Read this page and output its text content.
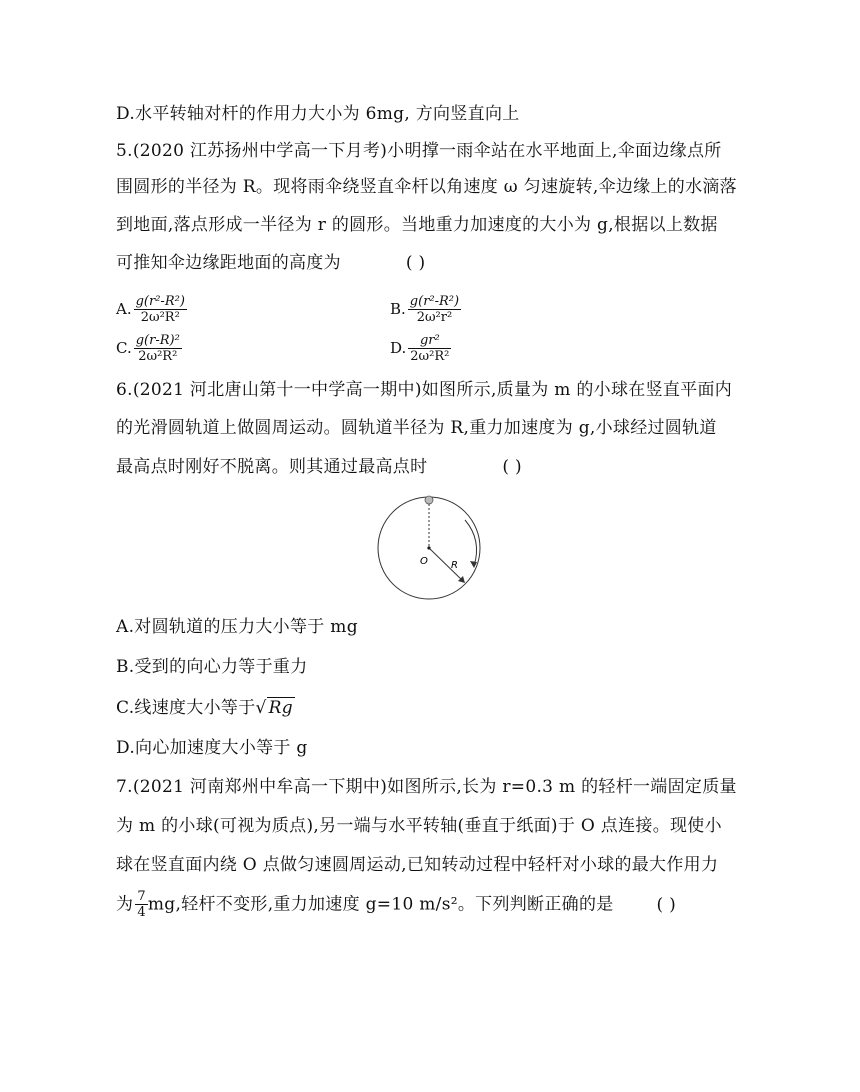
D.水平转轴对杆的作用力大小为 6mg, 方向竖直向上
5.(2020 江苏扬州中学高一下月考)小明撑一雨伞站在水平地面上,伞面边缘点所
围圆形的半径为 R。现将雨伞绕竖直伞杆以角速度 ω 匀速旋转,伞边缘上的水滴落
到地面,落点形成一半径为 r 的圆形。当地重力加速度的大小为 g,根据以上数据
可推知伞边缘距地面的高度为	( )
A. $\frac{\text{g(r²-R²)}}{\text{2ω²R²}}$	B. $\frac{\text{g(r²-R²)}}{\text{2ω²r²}}$
C. $\frac{\text{g(r-R)²}}{\text{2ω²R²}}$	D. $\frac{\text{gr²}}{\text{2ω²R²}}$
6.(2021 河北唐山第十一中学高一期中)如图所示,质量为 m 的小球在竖直平面内
的光滑圆轨道上做圆周运动。圆轨道半径为 R,重力加速度为 g,小球经过圆轨道
最高点时刚好不脱离。则其通过最高点时	( )
O R
A.对圆轨道的压力大小等于 mg
B.受到的向心力等于重力
C.线速度大小等于√ Rg
D.向心加速度大小等于 g
7.(2021 河南郑州中牟高一下期中)如图所示,长为 r=0.3 m 的轻杆一端固定质量
为 m 的小球(可视为质点),另一端与水平转轴(垂直于纸面)于 O 点连接。现使小
球在竖直面内绕 O 点做匀速圆周运动,已知转动过程中轻杆对小球的最大作用力
为 $\frac{7}{4}$ mg,轻杆不变形,重力加速度 g=10 m/s²。下列判断正确的是	( )
